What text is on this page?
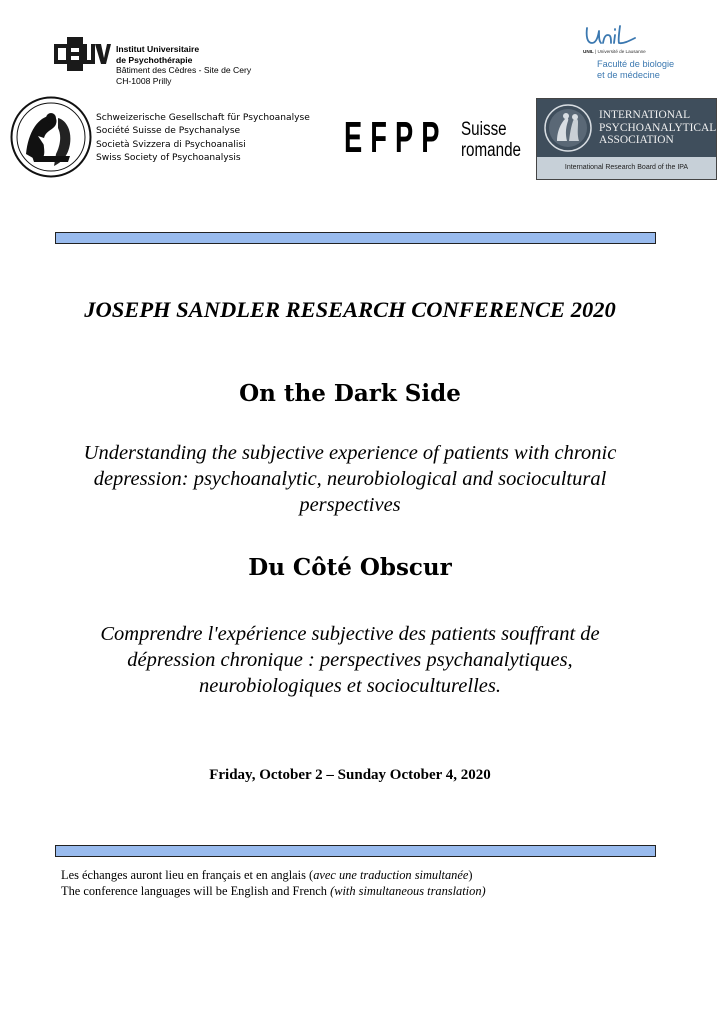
Institut Universitaire
de Psychothérapie
Bâtiment des Cèdres - Site de Cery
CH-1008 Prilly
UNIL | Université de Lausanne
Faculté de biologie
et de médecine
Schweizerische Gesellschaft für Psychoanalyse
Société Suisse de Psychanalyse
Società Svizzera di Psychoanalisi
Swiss Society of Psychoanalysis	EFPP Suisse
romande
INTERNATIONAL
PSYCHOANALYTICAL
ASSOCIATION
International Research Board of the IPA
JOSEPH SANDLER RESEARCH CONFERENCE 2020
On the Dark Side
Understanding the subjective experience of patients with chronic
depression: psychoanalytic, neurobiological and sociocultural
perspectives
Du Côté Obscur
Comprendre l'expérience subjective des patients souffrant de
dépression chronique : perspectives psychanalytiques,
neurobiologiques et socioculturelles.
Friday, October 2 – Sunday October 4, 2020
Les échanges auront lieu en français et en anglais (avec une traduction simultanée)
The conference languages will be English and French (with simultaneous translation)
